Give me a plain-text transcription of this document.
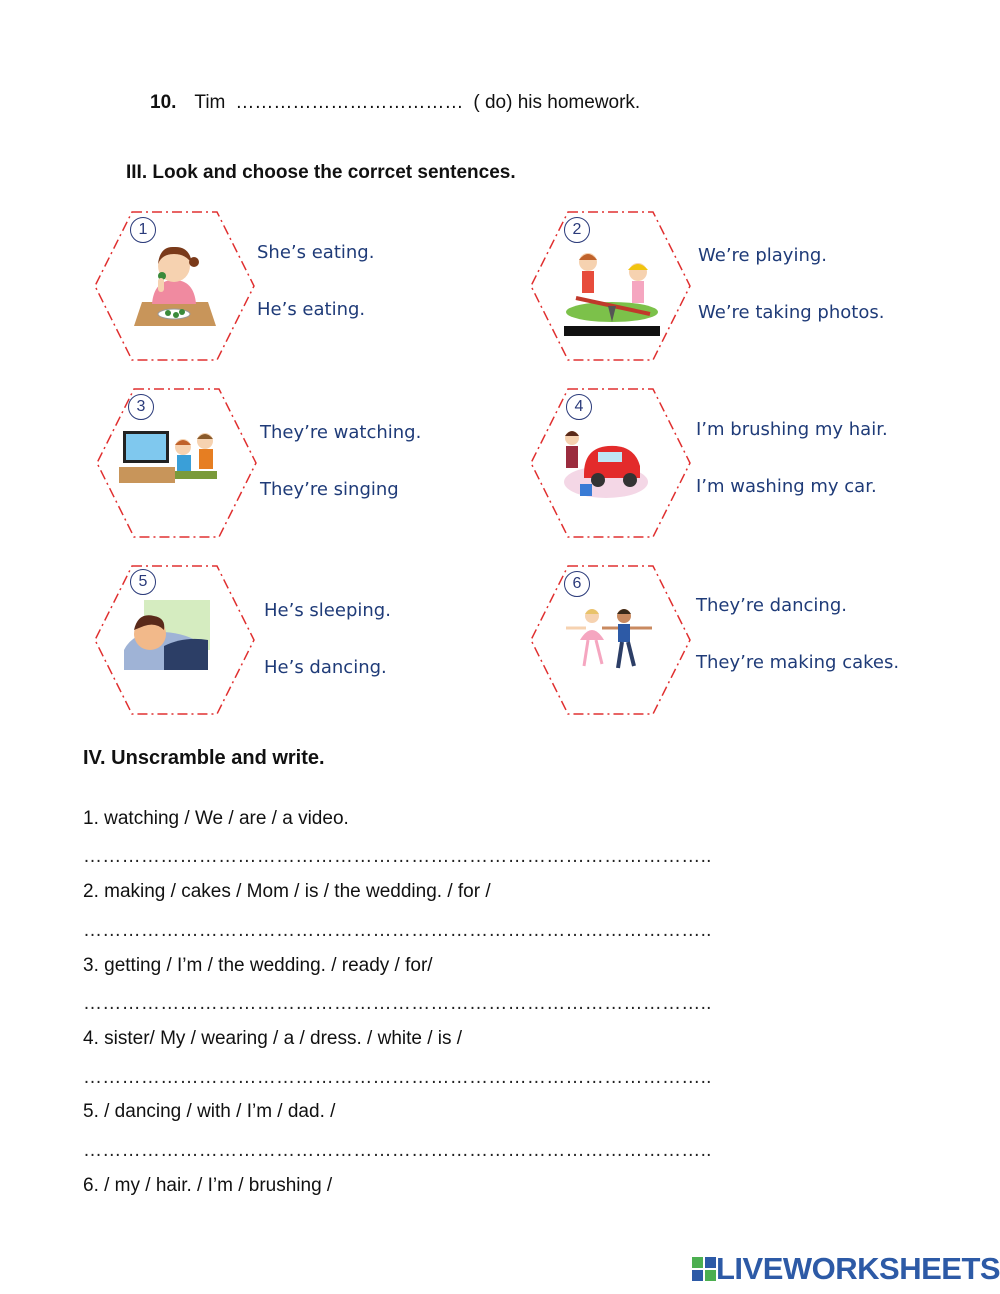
10. Tim ……………………………… ( do) his homework.
III. Look and choose the corrcet sentences.
1
She’s eating.
He’s eating.
2
We’re playing.
We’re taking photos.
3
They’re watching.
They’re singing
4
I’m brushing my hair.
I’m washing my car.
5
He’s sleeping.
He’s dancing.
6
They’re dancing.
They’re making cakes.
IV. Unscramble and write.
1. watching / We / are / a video.
……………………………………………………………………………………..
2. making / cakes / Mom / is / the wedding. / for /
……………………………………………………………………………………..
3. getting / I’m / the wedding. / ready / for/
……………………………………………………………………………………..
4. sister/ My / wearing / a / dress. / white / is /
……………………………………………………………………………………..
5. / dancing / with / I’m / dad. /
……………………………………………………………………………………..
6. / my / hair. / I’m / brushing /
LIVEWORKSHEETS
